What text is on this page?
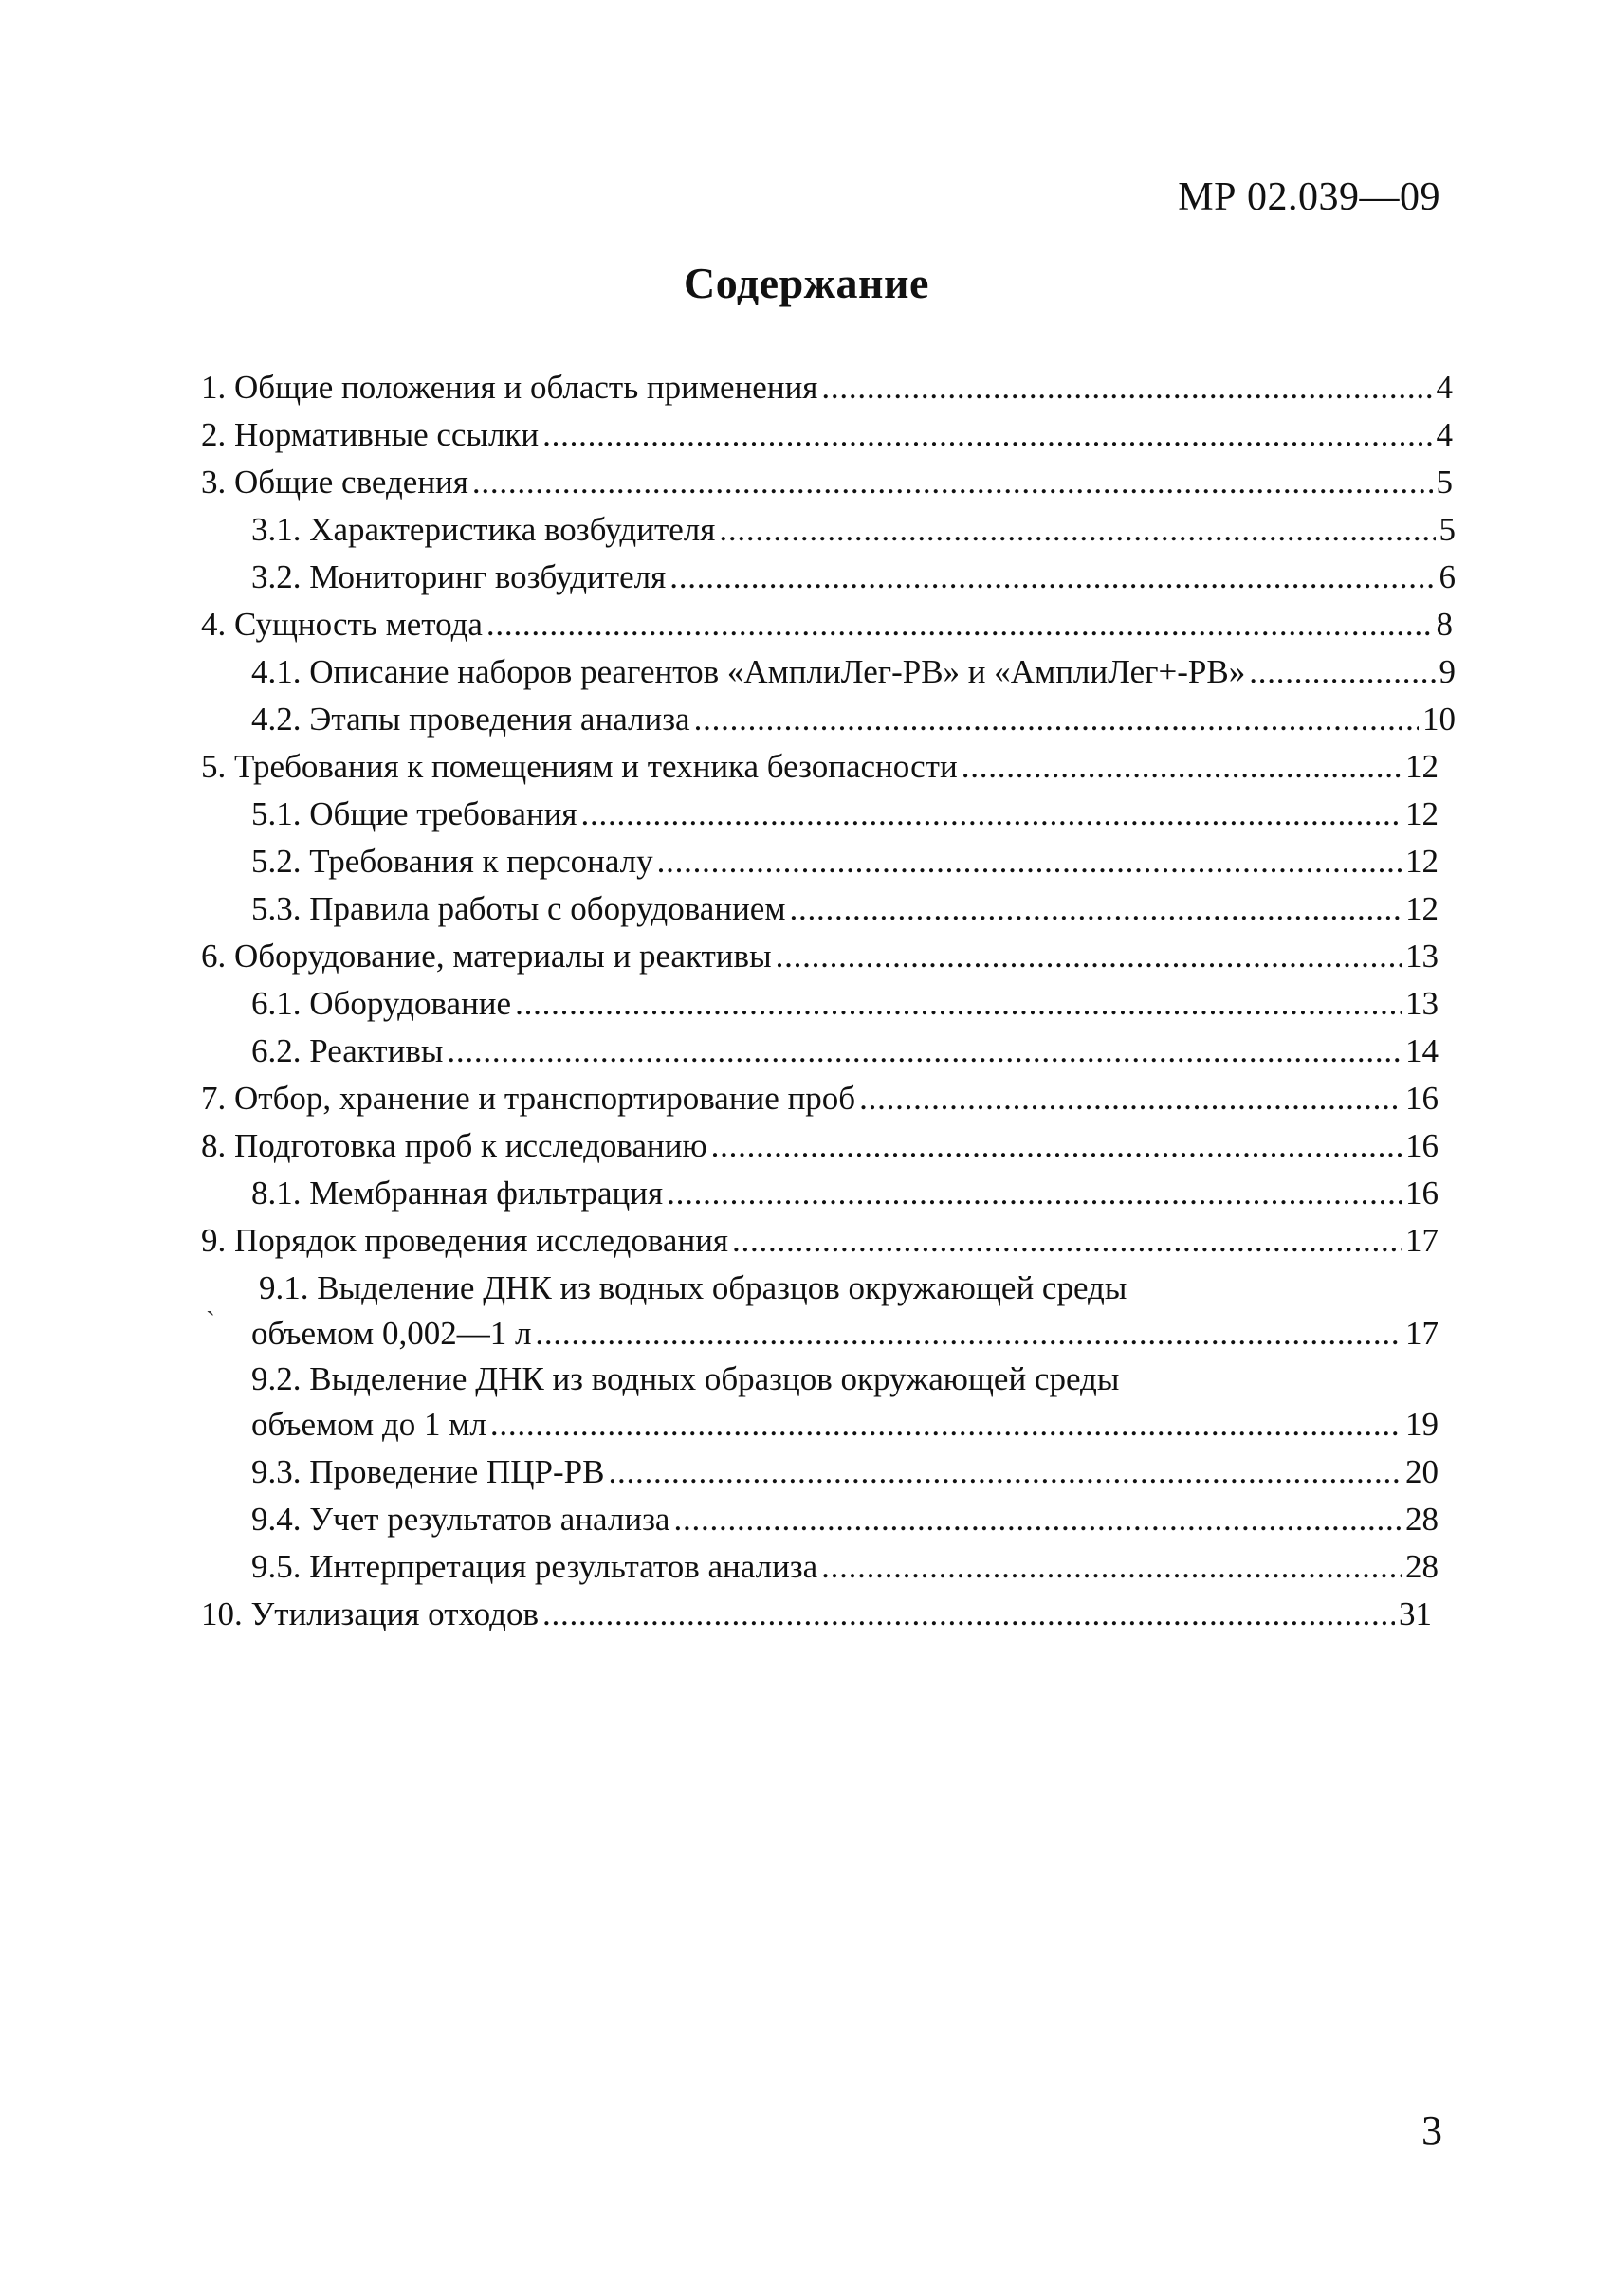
МР 02.039—09
Содержание
1. Общие положения и область применения . . .	4
2. Нормативные ссылки . . .	4
3. Общие сведения . . .	5
3.1. Характеристика возбудителя . . .	5
3.2. Мониторинг возбудителя . . .	6
4. Сущность метода . . .	8
4.1. Описание наборов реагентов «АмплиЛег-РВ» и «АмплиЛег+-РВ» . . .	9
4.2. Этапы проведения анализа . . .	10
5. Требования к помещениям и техника безопасности . . .	12
5.1. Общие требования . . .	12
5.2. Требования к персоналу . . .	12
5.3. Правила работы с оборудованием . . .	12
6. Оборудование, материалы и реактивы . . .	13
6.1. Оборудование . . .	13
6.2. Реактивы . . .	14
7. Отбор, хранение и транспортирование проб . . .	16
8. Подготовка проб к исследованию . . .	16
8.1. Мембранная фильтрация . . .	16
9. Порядок проведения исследования . . .	17
9.1. Выделение ДНК из водных образцов окружающей среды
объемом 0,002—1 л . . .	17
9.2. Выделение ДНК из водных образцов окружающей среды
объемом до 1 мл . . .	19
9.3. Проведение ПЦР-РВ . . .	20
9.4. Учет результатов анализа . . .	28
9.5. Интерпретация результатов анализа . . .	28
10. Утилизация отходов . . .	31
ˎ
3
